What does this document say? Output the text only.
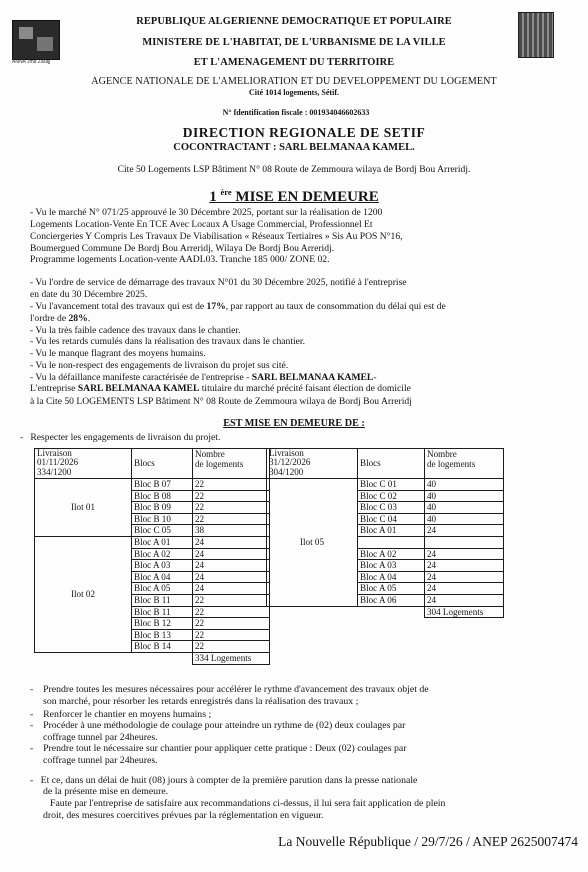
ANNA Jma Zarajj
REPUBLIQUE ALGERIENNE DEMOCRATIQUE ET POPULAIRE
MINISTERE DE L'HABITAT, DE L'URBANISME DE LA VILLE
ET L'AMENAGEMENT DU TERRITOIRE
AGENCE NATIONALE DE L'AMELIORATION ET DU DEVELOPPEMENT DU LOGEMENT
Cité 1014 logements, Sétif.
N° fdentification fiscale : 001934046602633
DIRECTION REGIONALE DE SETIF
COCONTRACTANT : SARL BELMANAA KAMEL.
Cite 50 Logements LSP Bâtiment N° 08 Route de Zemmoura wilaya de Bordj Bou Arreridj.
1 $^{ère}$ MISE EN DEMEURE
- Vu le marché N° 071/25 approuvé le 30 Décembre 2025, portant sur la réalisation de 1200
Logements Location-Vente En TCE Avec Locaux A Usage Commercial, Professionnel Et
Conciergeries Y Compris Les Travaux De Viabilisation « Réseaux Tertiaires » Sis Au POS N°16,
Boumergued Commune De Bordj Bou Arreridj, Wilaya De Bordj Bou Arreridj.
Programme logements Location-vente AADL03. Tranche 185 000/ ZONE 02.
- Vu l'ordre de service de démarrage des travaux N°01 du 30 Décembre 2025, notifié à l'entreprise
en date du 30 Décembre 2025.
- Vu l'avancement total des travaux qui est de 17%, par rapport au taux de consommation du délai qui est de
l'ordre de 28%.
- Vu la très faible cadence des travaux dans le chantier.
- Vu les retards cumulés dans la réalisation des travaux dans le chantier.
- Vu le manque flagrant des moyens humains.
- Vu le non-respect des engagements de livraison du projet sus cité.
- Vu la défaillance manifeste caractérisée de l'entreprise - SARL BELMANAA KAMEL-
L'entreprise SARL BELMANAA KAMEL titulaire du marché précité faisant élection de domicile
à la Cite 50 LOGEMENTS LSP Bâtiment N° 08 Route de Zemmoura wilaya de Bordj Bou Arreridj
EST MISE EN DEMEURE DE :
-   Respecter les engagements de livraison du projet.
Livraison
01/11/2026
334/1200	Blocs	Nombre
de logements
Ilot 01	Bloc B 07	22
	Bloc B 08	22
	Bloc B 09	22
	Bloc B 10	22
	Bloc C 05	38
Ilot 02	Bloc A 01	24
	Bloc A 02	24
	Bloc A 03	24
	Bloc A 04	24
	Bloc A 05	24
	Bloc B 11	22
	Bloc B 11	22
	Bloc B 12	22
	Bloc B 13	22
	Bloc B 14	22
		334 Logements
Livraison
31/12/2026
304/1200	Blocs	Nombre
de logements
Ilot 05	Bloc C 01	40
	Bloc C 02	40
	Bloc C 03	40
	Bloc C 04	40
	Bloc A 01	24

	Bloc A 02	24
	Bloc A 03	24
	Bloc A 04	24
	Bloc A 05	24
	Bloc A 06	24
		304 Logements
-    Prendre toutes les mesures nécessaires pour accélérer le rythme d'avancement des travaux objet de
son marché, pour résorber les retards enregistrés dans la réalisation des travaux ;
-    Renforcer le chantier en moyens humains ;
-    Procéder à une méthodologie de coulage pour atteindre un rythme de (02) deux coulages par
coffrage tunnel par 24heures.
-    Prendre tout le nécessaire sur chantier pour appliquer cette pratique : Deux (02) coulages par
coffrage tunnel par 24heures.
-   Et ce, dans un délai de huit (08) jours à compter de la première parution dans la presse nationale
de la présente mise en demeure.
Faute par l'entreprise de satisfaire aux recommandations ci-dessus, il lui sera fait application de plein
droit, des mesures coercitives prévues par la réglementation en vigueur.
La Nouvelle République / 29/7/26 / ANEP 2625007474
